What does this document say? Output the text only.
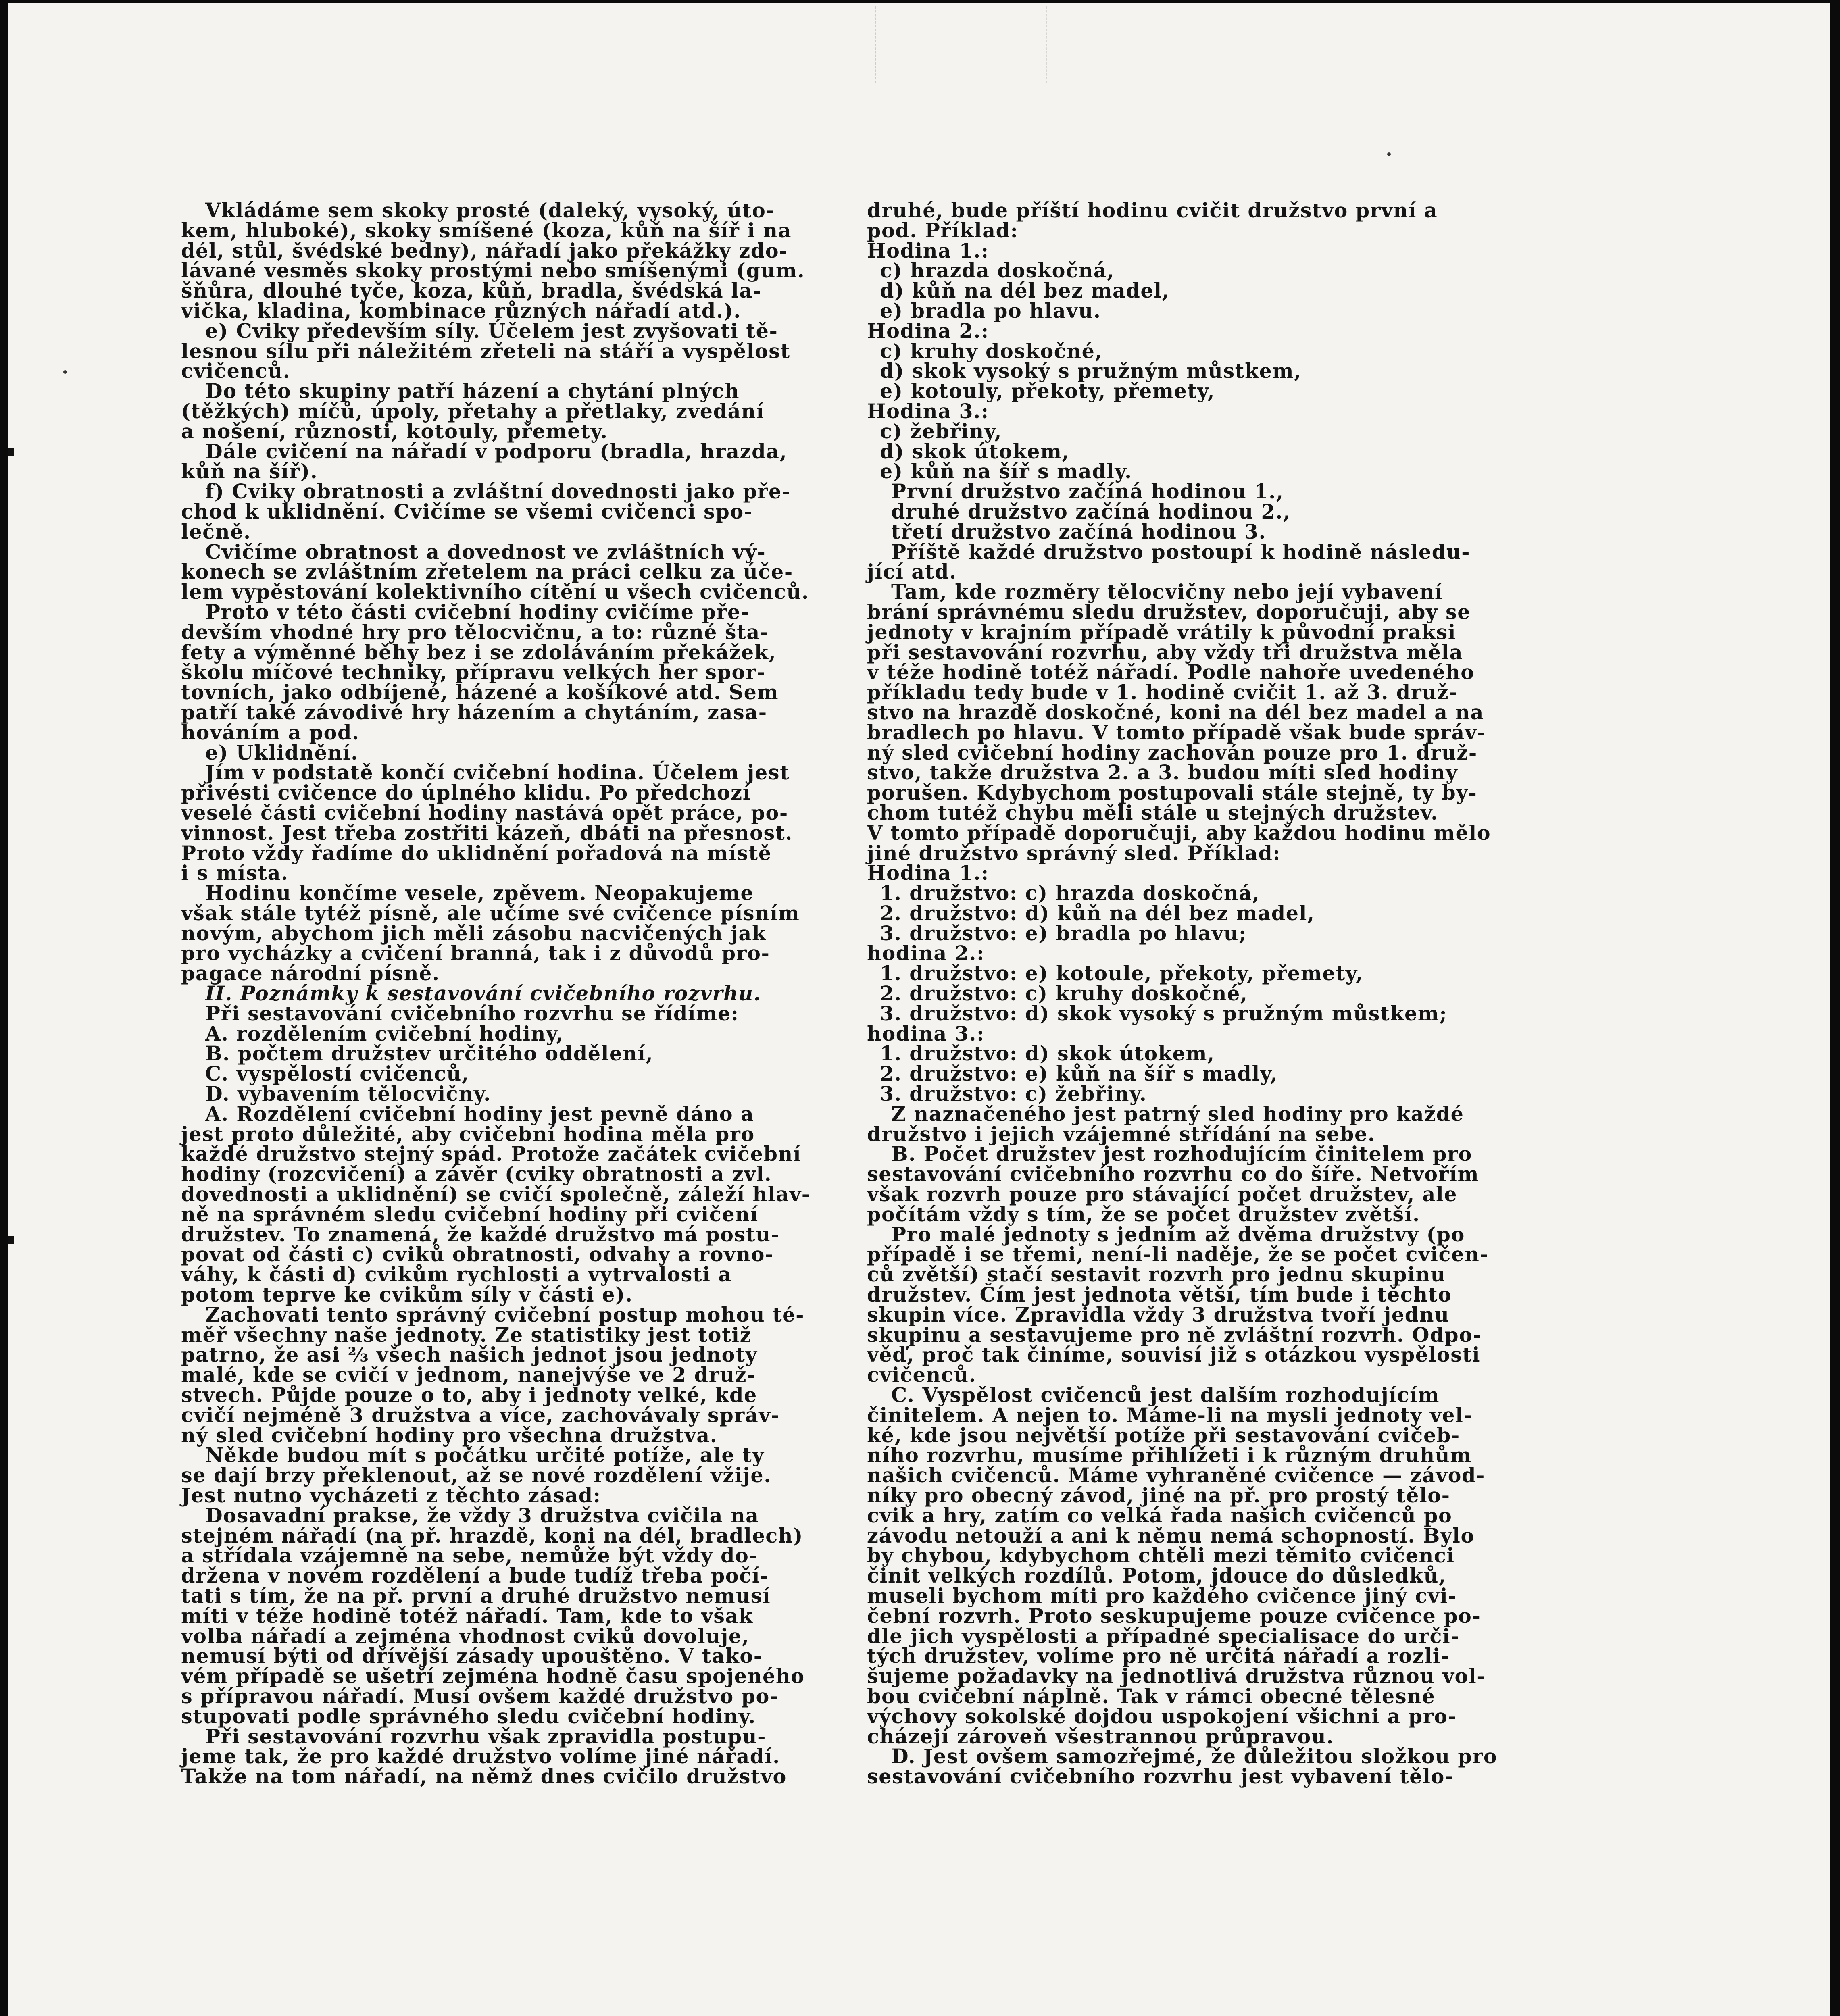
Vkládáme sem skoky prosté (daleký, vysoký, úto-
kem, hluboké), skoky smíšené (koza, kůň na šíř i na
dél, stůl, švédské bedny), nářadí jako překážky zdo-
lávané vesměs skoky prostými nebo smíšenými (gum.
šňůra, dlouhé tyče, koza, kůň, bradla, švédská la-
vička, kladina, kombinace různých nářadí atd.).
e) Cviky především síly. Účelem jest zvyšovati tě-
lesnou sílu při náležitém zřeteli na stáří a vyspělost
cvičenců.
Do této skupiny patří házení a chytání plných
(těžkých) míčů, úpoly, přetahy a přetlaky, zvedání
a nošení, různosti, kotouly, přemety.
Dále cvičení na nářadí v podporu (bradla, hrazda,
kůň na šíř).
f) Cviky obratnosti a zvláštní dovednosti jako pře-
chod k uklidnění. Cvičíme se všemi cvičenci spo-
lečně.
Cvičíme obratnost a dovednost ve zvláštních vý-
konech se zvláštním zřetelem na práci celku za úče-
lem vypěstování kolektivního cítění u všech cvičenců.
Proto v této části cvičební hodiny cvičíme pře-
devším vhodné hry pro tělocvičnu, a to: různé šta-
fety a výměnné běhy bez i se zdoláváním překážek,
školu míčové techniky, přípravu velkých her spor-
tovních, jako odbíjené, házené a košíkové atd. Sem
patří také závodivé hry házením a chytáním, zasa-
hováním a pod.
e) Uklidnění.
Jím v podstatě končí cvičební hodina. Účelem jest
přivésti cvičence do úplného klidu. Po předchozí
veselé části cvičební hodiny nastává opět práce, po-
vinnost. Jest třeba zostřiti kázeň, dbáti na přesnost.
Proto vždy řadíme do uklidnění pořadová na místě
i s místa.
Hodinu končíme vesele, zpěvem. Neopakujeme
však stále tytéž písně, ale učíme své cvičence písním
novým, abychom jich měli zásobu nacvičených jak
pro vycházky a cvičení branná, tak i z důvodů pro-
pagace národní písně.
II. Poznámky k sestavování cvičebního rozvrhu.
Při sestavování cvičebního rozvrhu se řídíme:
A. rozdělením cvičební hodiny,
B. počtem družstev určitého oddělení,
C. vyspělostí cvičenců,
D. vybavením tělocvičny.
A. Rozdělení cvičební hodiny jest pevně dáno a
jest proto důležité, aby cvičební hodina měla pro
každé družstvo stejný spád. Protože začátek cvičební
hodiny (rozcvičení) a závěr (cviky obratnosti a zvl.
dovednosti a uklidnění) se cvičí společně, záleží hlav-
ně na správném sledu cvičební hodiny při cvičení
družstev. To znamená, že každé družstvo má postu-
povat od části c) cviků obratnosti, odvahy a rovno-
váhy, k části d) cvikům rychlosti a vytrvalosti a
potom teprve ke cvikům síly v části e).
Zachovati tento správný cvičební postup mohou té-
měř všechny naše jednoty. Ze statistiky jest totiž
patrno, že asi ⅔ všech našich jednot jsou jednoty
malé, kde se cvičí v jednom, nanejvýše ve 2 druž-
stvech. Půjde pouze o to, aby i jednoty velké, kde
cvičí nejméně 3 družstva a více, zachovávaly správ-
ný sled cvičební hodiny pro všechna družstva.
Někde budou mít s počátku určité potíže, ale ty
se dají brzy překlenout, až se nové rozdělení vžije.
Jest nutno vycházeti z těchto zásad:
Dosavadní prakse, že vždy 3 družstva cvičila na
stejném nářadí (na př. hrazdě, koni na dél, bradlech)
a střídala vzájemně na sebe, nemůže být vždy do-
držena v novém rozdělení a bude tudíž třeba počí-
tati s tím, že na př. první a druhé družstvo nemusí
míti v téže hodině totéž nářadí. Tam, kde to však
volba nářadí a zejména vhodnost cviků dovoluje,
nemusí býti od dřívější zásady upouštěno. V tako-
vém případě se ušetří zejména hodně času spojeného
s přípravou nářadí. Musí ovšem každé družstvo po-
stupovati podle správného sledu cvičební hodiny.
Při sestavování rozvrhu však zpravidla postupu-
jeme tak, že pro každé družstvo volíme jiné nářadí.
Takže na tom nářadí, na němž dnes cvičilo družstvo
druhé, bude příští hodinu cvičit družstvo první a
pod. Příklad:
Hodina 1.:
c) hrazda doskočná,
d) kůň na dél bez madel,
e) bradla po hlavu.
Hodina 2.:
c) kruhy doskočné,
d) skok vysoký s pružným můstkem,
e) kotouly, překoty, přemety,
Hodina 3.:
c) žebřiny,
d) skok útokem,
e) kůň na šíř s madly.
První družstvo začíná hodinou 1.,
druhé družstvo začíná hodinou 2.,
třetí družstvo začíná hodinou 3.
Příště každé družstvo postoupí k hodině následu-
jící atd.
Tam, kde rozměry tělocvičny nebo její vybavení
brání správnému sledu družstev, doporučuji, aby se
jednoty v krajním případě vrátily k původní praksi
při sestavování rozvrhu, aby vždy tři družstva měla
v téže hodině totéž nářadí. Podle nahoře uvedeného
příkladu tedy bude v 1. hodině cvičit 1. až 3. druž-
stvo na hrazdě doskočné, koni na dél bez madel a na
bradlech po hlavu. V tomto případě však bude správ-
ný sled cvičební hodiny zachován pouze pro 1. druž-
stvo, takže družstva 2. a 3. budou míti sled hodiny
porušen. Kdybychom postupovali stále stejně, ty by-
chom tutéž chybu měli stále u stejných družstev.
V tomto případě doporučuji, aby každou hodinu mělo
jiné družstvo správný sled. Příklad:
Hodina 1.:
1. družstvo: c) hrazda doskočná,
2. družstvo: d) kůň na dél bez madel,
3. družstvo: e) bradla po hlavu;
hodina 2.:
1. družstvo: e) kotoule, překoty, přemety,
2. družstvo: c) kruhy doskočné,
3. družstvo: d) skok vysoký s pružným můstkem;
hodina 3.:
1. družstvo: d) skok útokem,
2. družstvo: e) kůň na šíř s madly,
3. družstvo: c) žebřiny.
Z naznačeného jest patrný sled hodiny pro každé
družstvo i jejich vzájemné střídání na sebe.
B. Počet družstev jest rozhodujícím činitelem pro
sestavování cvičebního rozvrhu co do šíře. Netvořím
však rozvrh pouze pro stávající počet družstev, ale
počítám vždy s tím, že se počet družstev zvětší.
Pro malé jednoty s jedním až dvěma družstvy (po
případě i se třemi, není-li naděje, že se počet cvičen-
ců zvětší) stačí sestavit rozvrh pro jednu skupinu
družstev. Čím jest jednota větší, tím bude i těchto
skupin více. Zpravidla vždy 3 družstva tvoří jednu
skupinu a sestavujeme pro ně zvláštní rozvrh. Odpo-
věď, proč tak činíme, souvisí již s otázkou vyspělosti
cvičenců.
C. Vyspělost cvičenců jest dalším rozhodujícím
činitelem. A nejen to. Máme-li na mysli jednoty vel-
ké, kde jsou největší potíže při sestavování cvičeb-
ního rozvrhu, musíme přihlížeti i k různým druhům
našich cvičenců. Máme vyhraněné cvičence — závod-
níky pro obecný závod, jiné na př. pro prostý tělo-
cvik a hry, zatím co velká řada našich cvičenců po
závodu netouží a ani k němu nemá schopností. Bylo
by chybou, kdybychom chtěli mezi těmito cvičenci
činit velkých rozdílů. Potom, jdouce do důsledků,
museli bychom míti pro každého cvičence jiný cvi-
čební rozvrh. Proto seskupujeme pouze cvičence po-
dle jich vyspělosti a případné specialisace do urči-
tých družstev, volíme pro ně určitá nářadí a rozli-
šujeme požadavky na jednotlivá družstva různou vol-
bou cvičební náplně. Tak v rámci obecné tělesné
výchovy sokolské dojdou uspokojení všichni a pro-
cházejí zároveň všestrannou průpravou.
D. Jest ovšem samozřejmé, že důležitou složkou pro
sestavování cvičebního rozvrhu jest vybavení tělo-
